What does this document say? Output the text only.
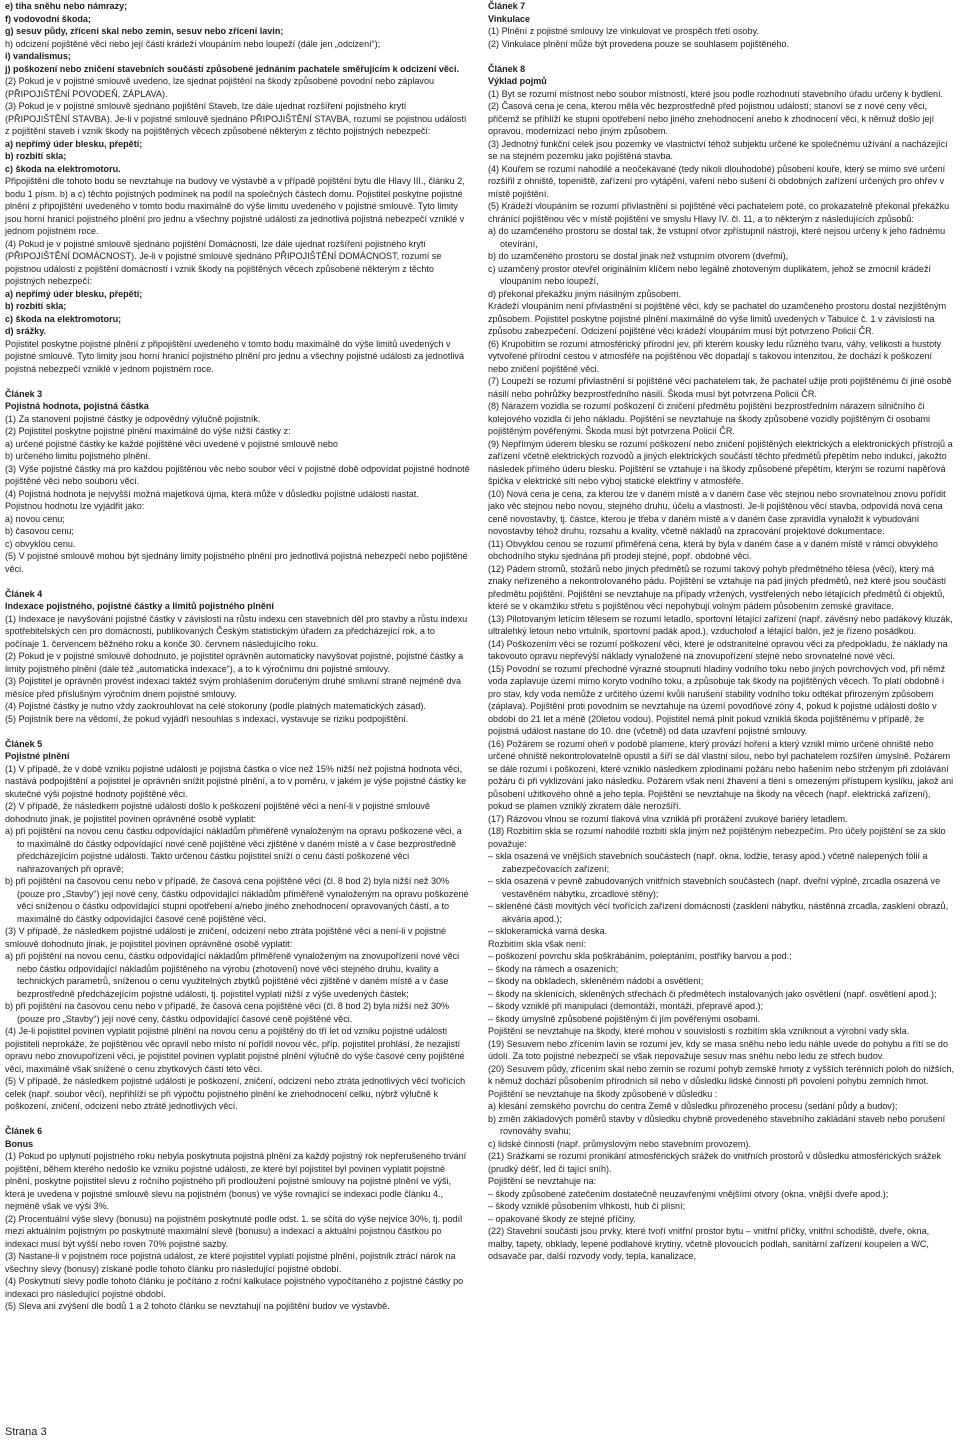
e) tíha sněhu nebo námrazy;

f) vodovodní škoda;

g) sesuv půdy, zřícení skal nebo zemin, sesuv nebo zřícení lavin;

h) odcizení pojištěné věci nebo její části krádeží vloupáním nebo loupeží (dále jen „odcizení“);

i) vandalismus;

j) poškození nebo zničení stavebních součástí způsobené jednáním pachatele směřujícím k odcizení věci.

(2) Pokud je v pojistné smlouvě uvedeno, lze sjednat pojištění na škody způsobené povodní nebo záplavou (PŘIPOJIŠTĚNÍ POVODEŇ, ZÁPLAVA).

(3) Pokud je v pojistné smlouvě sjednáno pojištění Staveb, lze dále ujednat rozšíření pojistného krytí (PŘIPOJIŠTĚNÍ STAVBA). Je-li v pojistné smlouvě sjednáno PŘIPOJIŠTĚNÍ STAVBA, rozumí se pojistnou událostí z pojištění staveb i vznik škody na pojištěných věcech způsobené některým z těchto pojistných nebezpečí:

a) nepřímý úder blesku, přepětí;

b) rozbití skla;

c) škoda na elektromotoru.

Připojištění dle tohoto bodu se nevztahuje na budovy ve výstavbě a v případě pojištění bytu dle Hlavy III., článku 2, bodu 1 písm. b) a c) těchto pojistných podmínek na podíl na společných částech domu. Pojistitel poskytne pojistné plnění z připojištění uvedeného v tomto bodu maximálně do výše limitu uvedeného v pojistné smlouvě. Tyto limity jsou horní hranicí pojistného plnění pro jednu a všechny pojistné události za jednotlivá pojistná nebezpečí vzniklé v jednom pojistném roce.

(4) Pokud je v pojistné smlouvě sjednáno pojištění Domácnosti, lze dále ujednat rozšíření pojistného krytí (PŘIPOJIŠTĚNÍ DOMÁCNOST). Je-li v pojistné smlouvě sjednáno PŘIPOJIŠTĚNÍ DOMÁCNOST, rozumí se pojistnou událostí z pojištění domácností i vznik škody na pojištěných věcech způsobené některým z těchto pojistných nebezpečí:

a) nepřímý úder blesku, přepětí;

b) rozbití skla;

c) škoda na elektromotoru;

d) srážky.

Pojistitel poskytne pojistné plnění z připojištění uvedeného v tomto bodu maximálně do výše limitů uvedených v pojistné smlouvě. Tyto limity jsou horní hranicí pojistného plnění pro jednu a všechny pojistné události za jednotlivá pojistná nebezpečí vzniklé v jednom pojistném roce.

Článek 3

Pojistná hodnota, pojistná částka

(1) Za stanovení pojistné částky je odpovědný výlučně pojistník.

(2) Pojistitel poskytne pojistné plnění maximálně do výše nižší částky z:

a) určené pojistné částky ke každé pojištěné věci uvedené v pojistné smlouvě nebo

b) určeného limitu pojistného plnění.

(3) Výše pojistné částky má pro každou pojištěnou věc nebo soubor věcí v pojistné době odpovídat pojistné hodnotě pojištěné věci nebo souboru věcí.

(4) Pojistná hodnota je nejvyšší možná majetková újma, která může v důsledku pojistné události nastat.

Pojistnou hodnotu lze vyjádřit jako:

a) novou cenu;

b) časovou cenu;

c) obvyklou cenu.

(5) V pojistné smlouvě mohou být sjednány limity pojistného plnění pro jednotlivá pojistná nebezpečí nebo pojištěné věci.

Článek 4

Indexace pojistného, pojistné částky a limitů pojistného plnění

(1) Indexace je navyšování pojistné částky v závislosti na růstu indexu cen stavebních děl pro stavby a růstu indexu spotřebitelských cen pro domácnosti, publikovaných Českým statistickým úřadem za předcházející rok, a to počínaje 1. červencem běžného roku a konče 30. červnem následujícího roku.

(2) Pokud je v pojistné smlouvě dohodnuto, je pojistitel oprávněn automaticky navyšovat pojistné, pojistné částky a limity pojistného plnění (dále též „automatická indexace“), a to k výročnímu dni pojistné smlouvy.

(3) Pojistitel je oprávněn provést indexaci taktéž svým prohlášením doručeným druhé smluvní straně nejméně dva měsíce před příslušným výročním dnem pojistné smlouvy.

(4) Pojistné částky je nutno vždy zaokrouhlovat na celé stokoruny (podle platných matematických zásad).

(5) Pojistník bere na vědomí, že pokud vyjádří nesouhlas s indexací, vystavuje se riziku podpojištění.

Článek 5

Pojistné plnění

(1) V případě, že v době vzniku pojistné události je pojistná částka o více než 15% nižší než pojistná hodnota věci, nastává podpojištění a pojistitel je oprávněn snížit pojistné plnění, a to v poměru, v jakém je výše pojistné částky ke skutečné výši pojistné hodnoty pojištěné věci.

(2) V případě, že následkem pojistné události došlo k poškození pojištěné věci a není-li v pojistné smlouvě dohodnuto jinak, je pojistitel povinen oprávněné osobě vyplatit:

a) při pojištění na novou cenu částku odpovídající nákladům přiměřeně vynaloženým na opravu poškozené věci, a to maximálně do částky odpovídající nové ceně pojištěné věci zjištěné v daném místě a v čase bezprostředně předcházejícím pojistné události. Takto určenou částku pojistitel sníží o cenu částí poškozené věci nahrazovaných při opravě;

b) při pojištění na časovou cenu nebo v případě, že časová cena pojištěné věci (čl. 8 bod 2) byla nižší než 30% (pouze pro „Stavby“) její nové ceny, částku odpovídající nákladům přiměřeně vynaloženým na opravu poškozené věci sníženou o částku odpovídající stupni opotřebení a/nebo jiného znehodnocení opravovaných částí, a to maximálně do částky odpovídající časové ceně pojištěné věci.

(3) V případě, že následkem pojistné události je zničení, odcizení nebo ztráta pojištěné věci a není-li v pojistné smlouvě dohodnuto jinak, je pojistitel povinen oprávněné osobě vyplatit:

a) při pojištění na novou cenu, částku odpovídající nákladům přiměřeně vynaloženým na znovupořízení nové věci nebo částku odpovídající nákladům pojištěného na výrobu (zhotovení) nové věci stejného druhu, kvality a technických parametrů, sníženou o cenu využitelných zbytků pojištěné věci zjištěné v daném místě a v čase bezprostředně předcházejícím pojistné události, tj. pojistitel vyplatí nižší z výše uvedených částek;

b) při pojištění na časovou cenu nebo v případě, že časová cena pojištěné věci (čl. 8 bod 2) byla nižší než 30% (pouze pro „Stavby“) její nové ceny, částku odpovídající časové ceně pojištěné věci.

(4) Je-li pojistitel povinen vyplatit pojistné plnění na novou cenu a pojištěný do tří let od vzniku pojistné události pojistiteli neprokáže, že pojištěnou věc opravil nebo místo ní pořídil novou věc, příp. pojistitel prohlásí, že nezajistí opravu nebo znovupořízení věci, je pojistitel povinen vyplatit pojistné plnění výlučně do výše časové ceny pojištěné věci, maximálně však snížené o cenu zbytkových částí této věci.

(5) V případě, že následkem pojistné události je poškození, zničení, odcizení nebo ztráta jednotlivých věcí tvořících celek (např. soubor věcí), nepřihlíží se při výpočtu pojistného plnění ke znehodnocení celku, nýbrž výlučně k poškození, zničení, odcizení nebo ztrátě jednotlivých věcí.

Článek 6

Bonus

(1) Pokud po uplynutí pojistného roku nebyla poskytnuta pojistná plnění za každý pojistný rok nepřerušeného trvání pojištění, během kterého nedošlo ke vzniku pojistné události, ze které byl pojistitel byl povinen vyplatit pojistné plnění, poskytne pojistitel slevu z ročního pojistného při prodloužení pojistné smlouvy na pojistné plnění ve výši, která je uvedena v pojistné smlouvě slevu na pojistném (bonus) ve výše rovnající se indexaci podle článku 4., nejméně však ve výši 3%.

(2) Procentuální výše slevy (bonusu) na pojistném poskytnuté podle odst. 1. se sčítá do výše nejvíce 30%, tj. podíl mezi aktuálním pojistným po poskytnuté maximální slevě (bonusu) a indexací a aktuální pojistnou částkou po indexaci musí být vyšší nebo roven 70% pojistné sazby.

(3) Nastane-li v pojistném roce pojistná událost, ze které pojistitel vyplatí pojistné plnění, pojistník ztrácí nárok na všechny slevy (bonusy) získané podle tohoto článku pro následující pojistné období.

(4) Poskytnutí slevy podle tohoto článku je počítáno z roční kalkulace pojistného vypočítaného z pojistné částky po indexaci pro následující pojistné období.

(5) Sleva ani zvýšení dle bodů 1 a 2 tohoto článku se nevztahují na pojištění budov ve výstavbě.

Článek 7

Vinkulace

(1) Plnění z pojistné smlouvy lze vinkulovat ve prospěch třetí osoby.

(2) Vinkulace plnění může být provedena pouze se souhlasem pojištěného.

Článek 8

Výklad pojmů

(1) Byt se rozumí místnost nebo soubor místností, které jsou podle rozhodnutí stavebního úřadu určeny k bydlení.

(2) Časová cena je cena, kterou měla věc bezprostředně před pojistnou událostí; stanoví se z nové ceny věci, přičemž se přihlíží ke stupni opotřebení nebo jiného znehodnocení anebo k zhodnocení věci, k němuž došlo její opravou, modernizací nebo jiným způsobem.

(3) Jednotný funkční celek jsou pozemky ve vlastnictví téhož subjektu určené ke společnému užívání a nacházející se na stejném pozemku jako pojištěná stavba.

(4) Kouřem se rozumí nahodilé a neočekávané (tedy nikoli dlouhodobé) působení kouře, který se mimo své určení rozšířil z ohniště, topeniště, zařízení pro vytápění, vaření nebo sušení či obdobných zařízení určených pro ohřev v místě pojištění.

(5) Krádeží vloupáním se rozumí přivlastnění si pojištěné věci pachatelem poté, co prokazatelně překonal překážku chránící pojištěnou věc v místě pojištění ve smyslu Hlavy IV. čl. 11, a to některým z následujících způsobů:

a) do uzamčeného prostoru se dostal tak, že vstupní otvor zpřístupnil nástroji, které nejsou určeny k jeho řádnému otevírání,

b) do uzamčeného prostoru se dostal jinak než vstupním otvorem (dveřmi),

c) uzamčený prostor otevřel originálním klíčem nebo legálně zhotoveným duplikátem, jehož se zmocnil krádeží vloupáním nebo loupeží,

d) překonal překážku jiným násilným způsobem.

Krádeží vloupáním není přivlastnění si pojištěné věci, kdy se pachatel do uzamčeného prostoru dostal nezjištěným způsobem. Pojistitel poskytne pojistné plnění maximálně do výše limitů uvedených v Tabulce č. 1 v závislosti na způsobu zabezpečení. Odcizení pojištěné věci krádeží vloupáním musí být potvrzeno Policií ČR.

(6) Krupobitím se rozumí atmosférický přírodní jev, při kterém kousky ledu různého tvaru, váhy, velikosti a hustoty vytvořené přírodní cestou v atmosféře na pojištěnou věc dopadají s takovou intenzitou, že dochází k poškození nebo zničení pojištěné věci.

(7) Loupeží se rozumí přivlastnění si pojištěné věci pachatelem tak, že pachatel užije proti pojištěnému či jiné osobě násilí nebo pohrůžky bezprostředního násilí. Škoda musí být potvrzena Policií ČR.

(8) Nárazem vozidla se rozumí poškození či zničení předmětu pojištění bezprostředním nárazem silničního či kolejového vozidla či jeho nákladu. Pojištění se nevztahuje na škody způsobené vozidly pojištěným či osobami pojištěným pověřenými. Škoda musí být potvrzena Policií ČR.

(9) Nepřímým úderem blesku se rozumí poškození nebo zničení pojištěných elektrických a elektronických přístrojů a zařízení včetně elektrických rozvodů a jiných elektrických součástí těchto předmětů přepětím nebo indukcí, jakožto následek přímého úderu blesku. Pojištění se vztahuje i na škody způsobené přepětím, kterým se rozumí napěťová špička v elektrické síti nebo výboj statické elektřiny v atmosféře.

(10) Nová cena je cena, za kterou lze v daném místě a v daném čase věc stejnou nebo srovnatelnou znovu pořídit jako věc stejnou nebo novou, stejného druhu, účelu a vlastností. Je-li pojištěnou věcí stavba, odpovídá nová cena ceně novostavby, tj. částce, kterou je třeba v daném místě a v daném čase zpravidla vynaložit k vybudování novostavby téhož druhu, rozsahu a kvality, včetně nákladů na zpracování projektové dokumentace.

(11) Obvyklou cenou se rozumí přiměřená cena, která by byla v daném čase a v daném místě v rámci obvyklého obchodního styku sjednána při prodeji stejné, popř. obdobné věci.

(12) Pádem stromů, stožárů nebo jiných předmětů se rozumí takový pohyb předmětného tělesa (věci), který má znaky neřízeného a nekontrolovaného pádu. Pojištění se vztahuje na pád jiných předmětů, než které jsou součástí předmětu pojištění. Pojištění se nevztahuje na případy vržených, vystřelených nebo létajících předmětů či objektů, které se v okamžiku střetu s pojištěnou věcí nepohybují volným pádem působením zemské gravitace.

(13) Pilotovaným letícím tělesem se rozumí letadlo, sportovní létající zařízení (např. závěsný nebo padákový kluzák, ultralehký letoun nebo vrtulník, sportovní padák apod.), vzducholoď a létající balón, jež je řízeno posádkou.

(14) Poškozením věci se rozumí poškození věci, které je odstranitelné opravou věci za předpokladu, že náklady na takovouto opravu nepřevýší náklady vynaložené na znovupořízení stejné nebo srovnatelné nové věci.

(15) Povodní se rozumí přechodné výrazné stoupnutí hladiny vodního toku nebo jiných povrchových vod, při němž voda zaplavuje území mimo koryto vodního toku, a způsobuje tak škody na pojištěných věcech. To platí obdobně i pro stav, kdy voda nemůže z určitého území kvůli narušení stability vodního toku odtékat přirozeným způsobem (záplava). Pojištění proti povodním se nevztahuje na území povodňové zóny 4, pokud k pojistné události došlo v období do 21 let a méně (20letou vodou). Pojistitel nemá plnit pokud vzniklá škoda pojištěnému v případě, že pojistná událost nastane do 10. dne (včetně) od data uzavření pojistné smlouvy.

(16) Požárem se rozumí oheň v podobě plamene, který provází hoření a který vznikl mimo určené ohniště nebo určené ohniště nekontrolovatelně opustil a šíří se dál vlastní silou, nebo byl pachatelem rozšířen úmyslně. Požárem se dále rozumí i poškození, které vzniklo následkem zplodinami požáru nebo hašením nebo strženým při zdolávání požáru či při vyklizování jako následku. Požárem však není žhavení a tlení s omezeným přístupem kyslíku, jakož ani působení užitkového ohně a jeho tepla. Pojištění se nevztahuje na škody na věcech (např. elektrická zařízení), pokud se plamen vzniklý zkratem dále nerozšíří.

(17) Rázovou vlnou se rozumí tlaková vlna vzniklá při prorážení zvukové bariéry letadlem.

(18) Rozbitím skla se rozumí nahodilé rozbití skla jiným než pojištěným nebezpečím. Pro účely pojištění se za sklo považuje:

– skla osazená ve vnějších stavebních součástech (např. okna, lodžie, terasy apod.) včetně nalepených fólií a zabezpečovacích zařízení;

– skla osazená v pevně zabudovaných vnitřních stavebních součástech (např. dveřní výplně, zrcadla osazená ve vestavěném nábytku, zrcadlové stěny);

– skleněné části movitých věcí tvořících zařízení domácnosti (zasklení nábytku, nástěnná zrcadla, zasklení obrazů, akvária apod.);

– sklokeramická varná deska.

Rozbitím skla však není:

– poškození povrchu skla poškrábáním, poleptáním, postříky barvou a pod.;

– škody na rámech a osazeních;

– škody na obkladech, skleněném nádobí a osvětlení;

– škody na sklenících, skleněných střechách či předmětech instalovaných jako osvětlení (např. osvětlení apod.);

– škody vzniklé při manipulaci (demontáži, montáži, přepravě apod.);

– škody úmyslně způsobené pojištěným či jím pověřenými osobami.

Pojištění se nevztahuje na škody, které mohou v souvislosti s rozbitím skla vzniknout a výrobní vady skla.

(19) Sesuvem nebo zřícením lavin se rozumí jev, kdy se masa sněhu nebo ledu náhle uvede do pohybu a řítí se do údolí. Za toto pojistné nebezpečí se však nepovažuje sesuv mas sněhu nebo ledu ze střech budov.

(20) Sesuvem půdy, zřícením skal nebo zemin se rozumí pohyb zemské hmoty z vyšších terénních poloh do nižších, k němuž dochází působením přírodních sil nebo v důsledku lidské činnosti při povolení pohybu zemních hmot. Pojištění se nevztahuje na škody způsobené v důsledku :

a) klesání zemského povrchu do centra Země v důsledku přirozeného procesu (sedání půdy a budov);

b) změn základových poměrů stavby v důsledku chybně provedeného stavebního zakládání staveb nebo porušení rovnováhy svahu;

c) lidské činnosti (např. průmyslovým nebo stavebním provozem).

(21) Srážkami se rozumí pronikání atmosférických srážek do vnitřních prostorů v důsledku atmosférických srážek (prudký déšť, led či tající sníh).

Pojištění se nevztahuje na:

– škody způsobené zatečením dostatečně neuzavřenými vnějšími otvory (okna, vnější dveře apod.);

– škody vzniklé působením vlhkosti, hub či plísní;

– opakované škody ze stejné příčiny.

(22) Stavební součásti jsou prvky, které tvoří vnitřní prostor bytu – vnitřní příčky, vnitřní schodiště, dveře, okna, malby, tapety, obklady, lepené podlahové krytiny, včetně plovoucích podlah, sanitární zařízení koupelen a WC, odsavače par, další rozvody vody, tepla, kanalizace,

Strana 3
